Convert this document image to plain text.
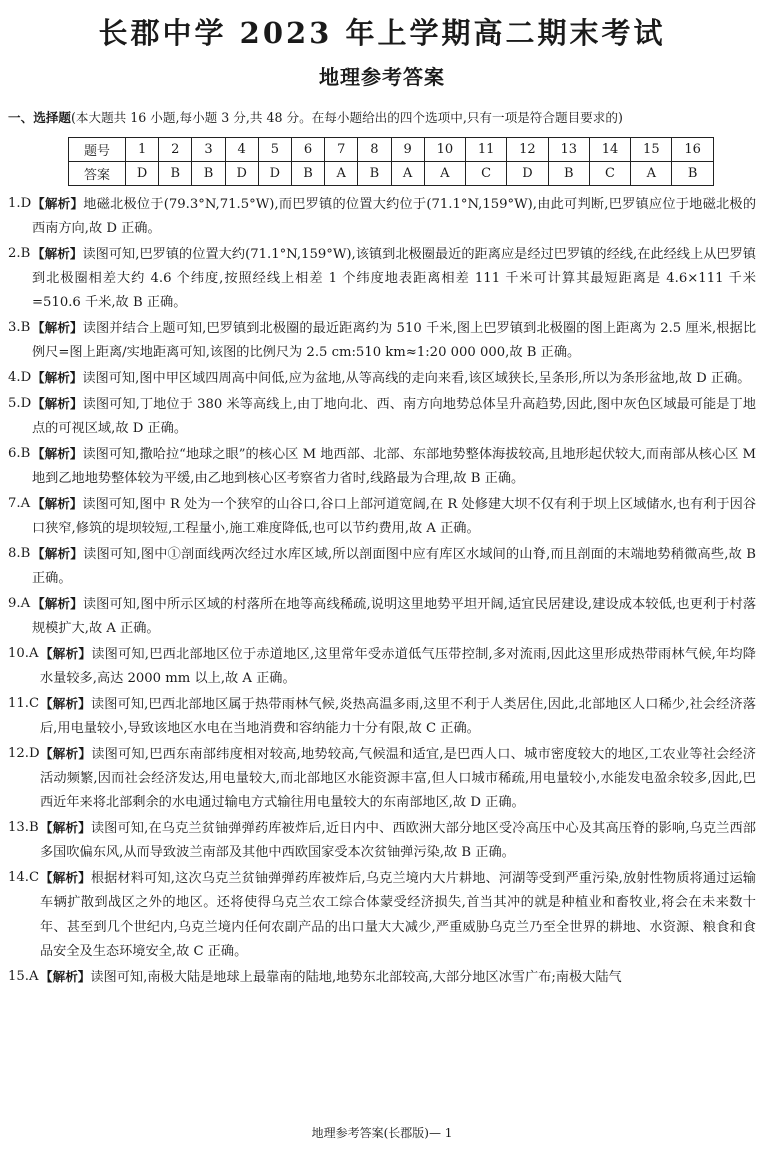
长郡中学 2023 年上学期高二期末考试
地理参考答案
一、选择题(本大题共 16 小题,每小题 3 分,共 48 分。在每小题给出的四个选项中,只有一项是符合题目要求的)
题号	1	2	3	4	5	6	7	8	9	10	11	12	13	14	15	16
答案	D	B	B	D	D	B	A	B	A	A	C	D	B	C	A	B
1.D 【解析】地磁北极位于(79.3°N,71.5°W),而巴罗镇的位置大约位于(71.1°N,159°W),由此可判断,巴罗镇应位于地磁北极的西南方向,故 D 正确。
2.B 【解析】读图可知,巴罗镇的位置大约(71.1°N,159°W),该镇到北极圈最近的距离应是经过巴罗镇的经线,在此经线上从巴罗镇到北极圈相差大约 4.6 个纬度,按照经线上相差 1 个纬度地表距离相差 111 千米可计算其最短距离是 4.6×111 千米=510.6 千米,故 B 正确。
3.B 【解析】读图并结合上题可知,巴罗镇到北极圈的最近距离约为 510 千米,图上巴罗镇到北极圈的图上距离为 2.5 厘米,根据比例尺=图上距离/实地距离可知,该图的比例尺为 2.5 cm:510 km≈1:20 000 000,故 B 正确。
4.D 【解析】读图可知,图中甲区域四周高中间低,应为盆地,从等高线的走向来看,该区域狭长,呈条形,所以为条形盆地,故 D 正确。
5.D 【解析】读图可知,丁地位于 380 米等高线上,由丁地向北、西、南方向地势总体呈升高趋势,因此,图中灰色区域最可能是丁地点的可视区域,故 D 正确。
6.B 【解析】读图可知,撒哈拉“地球之眼”的核心区 M 地西部、北部、东部地势整体海拔较高,且地形起伏较大,而南部从核心区 M 地到乙地地势整体较为平缓,由乙地到核心区考察省力省时,线路最为合理,故 B 正确。
7.A 【解析】读图可知,图中 R 处为一个狭窄的山谷口,谷口上部河道宽阔,在 R 处修建大坝不仅有利于坝上区域储水,也有利于因谷口狭窄,修筑的堤坝较短,工程量小,施工难度降低,也可以节约费用,故 A 正确。
8.B 【解析】读图可知,图中①剖面线两次经过水库区域,所以剖面图中应有库区水域间的山脊,而且剖面的末端地势稍微高些,故 B 正确。
9.A 【解析】读图可知,图中所示区域的村落所在地等高线稀疏,说明这里地势平坦开阔,适宜民居建设,建设成本较低,也更利于村落规模扩大,故 A 正确。
10.A 【解析】读图可知,巴西北部地区位于赤道地区,这里常年受赤道低气压带控制,多对流雨,因此这里形成热带雨林气候,年均降水量较多,高达 2000 mm 以上,故 A 正确。
11.C 【解析】读图可知,巴西北部地区属于热带雨林气候,炎热高温多雨,这里不利于人类居住,因此,北部地区人口稀少,社会经济落后,用电量较小,导致该地区水电在当地消费和容纳能力十分有限,故 C 正确。
12.D 【解析】读图可知,巴西东南部纬度相对较高,地势较高,气候温和适宜,是巴西人口、城市密度较大的地区,工农业等社会经济活动频繁,因而社会经济发达,用电量较大,而北部地区水能资源丰富,但人口城市稀疏,用电量较小,水能发电盈余较多,因此,巴西近年来将北部剩余的水电通过输电方式输往用电量较大的东南部地区,故 D 正确。
13.B 【解析】读图可知,在乌克兰贫铀弹弹药库被炸后,近日内中、西欧洲大部分地区受冷高压中心及其高压脊的影响,乌克兰西部多国吹偏东风,从而导致波兰南部及其他中西欧国家受本次贫铀弹污染,故 B 正确。
14.C 【解析】根据材料可知,这次乌克兰贫铀弹弹药库被炸后,乌克兰境内大片耕地、河湖等受到严重污染,放射性物质将通过运输车辆扩散到战区之外的地区。还将使得乌克兰农工综合体蒙受经济损失,首当其冲的就是种植业和畜牧业,将会在未来数十年、甚至到几个世纪内,乌克兰境内任何农副产品的出口量大大减少,严重威胁乌克兰乃至全世界的耕地、水资源、粮食和食品安全及生态环境安全,故 C 正确。
15.A 【解析】读图可知,南极大陆是地球上最靠南的陆地,地势东北部较高,大部分地区冰雪广布;南极大陆气
地理参考答案(长郡版)— 1
